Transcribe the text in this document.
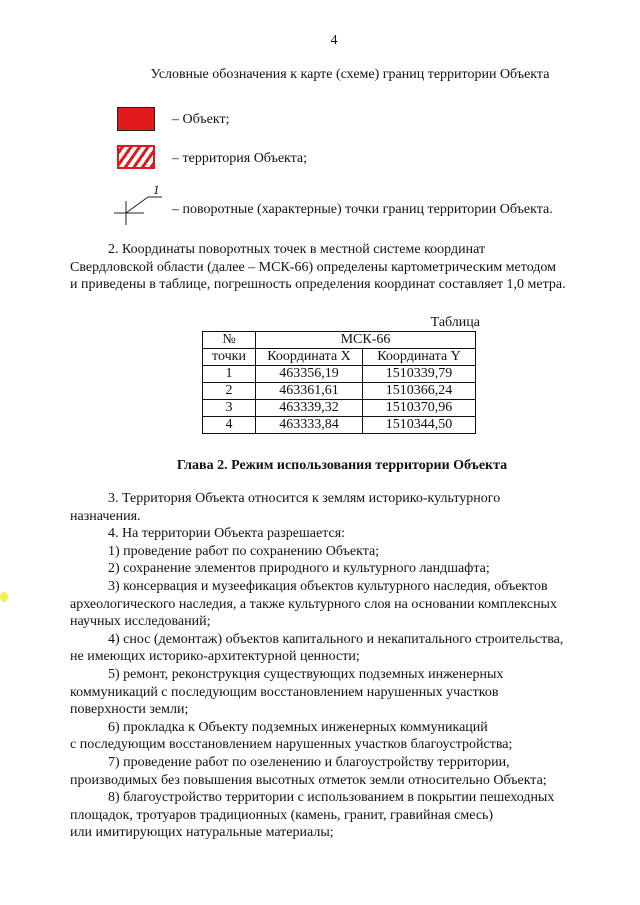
4
Условные обозначения к карте (схеме) границ территории Объекта
– Объект;
– территория Объекта;
1
– поворотные (характерные) точки границ территории Объекта.

2. Координаты поворотных точек в местной системе координат

Свердловской области (далее – МСК-66) определены картометрическим методом

и приведены в таблице, погрешность определения координат составляет 1,0 метра.

Таблица
№	МСК-66	
точки	Координата X	Координата Y
1	463356,19	1510339,79
2	463361,61	1510366,24
3	463339,32	1510370,96
4	463333,84	1510344,50
Глава 2. Режим использования территории Объекта

3. Территория Объекта относится к землям историко-культурного

назначения.

4. На территории Объекта разрешается:

1) проведение работ по сохранению Объекта;

2) сохранение элементов природного и культурного ландшафта;

3) консервация и музеефикация объектов культурного наследия, объектов

археологического наследия, а также культурного слоя на основании комплексных

научных исследований;

4) снос (демонтаж) объектов капитального и некапитального строительства,

не имеющих историко-архитектурной ценности;

5) ремонт, реконструкция существующих подземных инженерных

коммуникаций с последующим восстановлением нарушенных участков

поверхности земли;

6) прокладка к Объекту подземных инженерных коммуникаций

с последующим восстановлением нарушенных участков благоустройства;

7) проведение работ по озеленению и благоустройству территории,

производимых без повышения высотных отметок земли относительно Объекта;

8) благоустройство территории с использованием в покрытии пешеходных

площадок, тротуаров традиционных (камень, гранит, гравийная смесь)

или имитирующих натуральные материалы;
